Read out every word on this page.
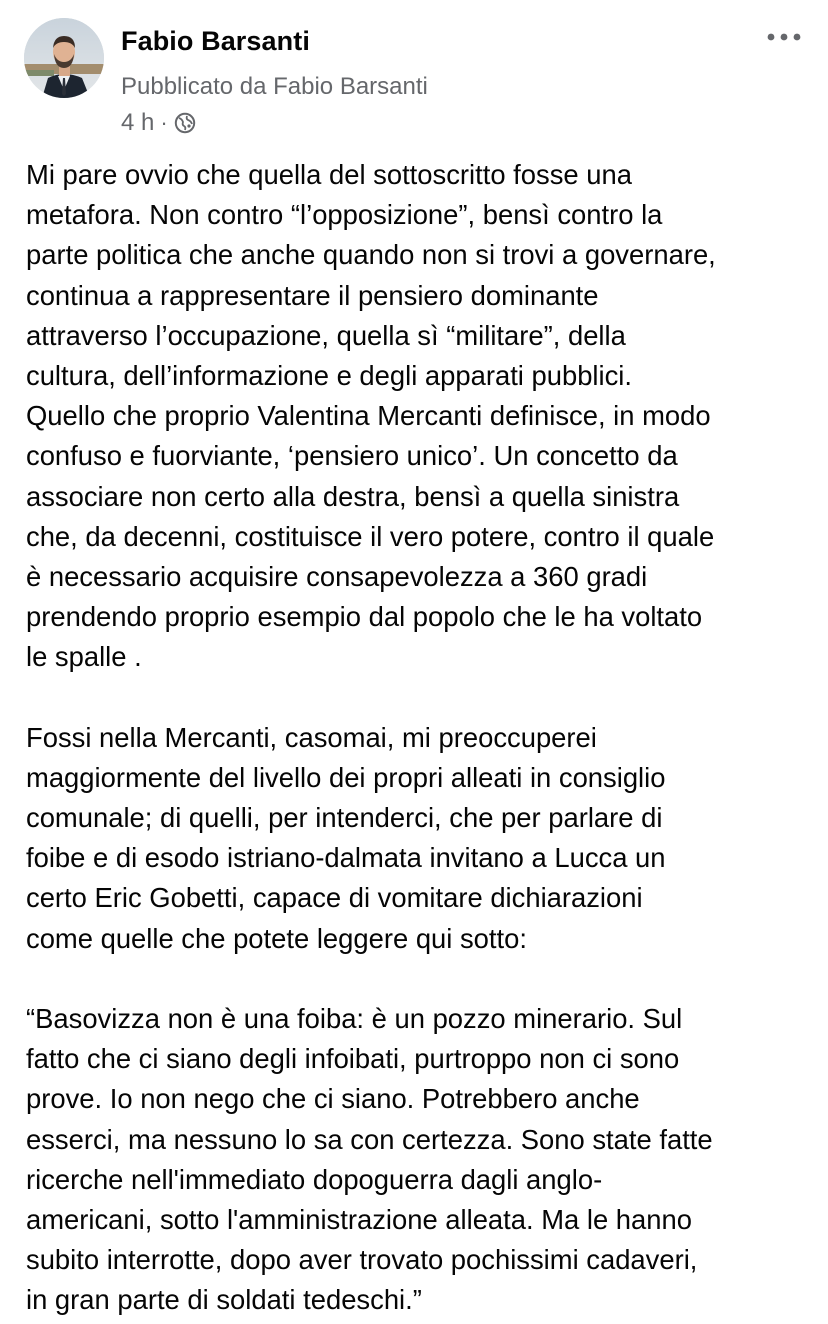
Fabio Barsanti
Pubblicato da Fabio Barsanti
4 h ·
Mi pare ovvio che quella del sottoscritto fosse una
metafora. Non contro “l’opposizione”, bensì contro la
parte politica che anche quando non si trovi a governare,
continua a rappresentare il pensiero dominante
attraverso l’occupazione, quella sì “militare”, della
cultura, dell’informazione e degli apparati pubblici.
Quello che proprio Valentina Mercanti definisce, in modo
confuso e fuorviante, ‘pensiero unico’. Un concetto da
associare non certo alla destra, bensì a quella sinistra
che, da decenni, costituisce il vero potere, contro il quale
è necessario acquisire consapevolezza a 360 gradi
prendendo proprio esempio dal popolo che le ha voltato
le spalle .
Fossi nella Mercanti, casomai, mi preoccuperei
maggiormente del livello dei propri alleati in consiglio
comunale; di quelli, per intenderci, che per parlare di
foibe e di esodo istriano-dalmata invitano a Lucca un
certo Eric Gobetti, capace di vomitare dichiarazioni
come quelle che potete leggere qui sotto:
“Basovizza non è una foiba: è un pozzo minerario. Sul
fatto che ci siano degli infoibati, purtroppo non ci sono
prove. Io non nego che ci siano. Potrebbero anche
esserci, ma nessuno lo sa con certezza. Sono state fatte
ricerche nell'immediato dopoguerra dagli anglo-
americani, sotto l'amministrazione alleata. Ma le hanno
subito interrotte, dopo aver trovato pochissimi cadaveri,
in gran parte di soldati tedeschi.”
